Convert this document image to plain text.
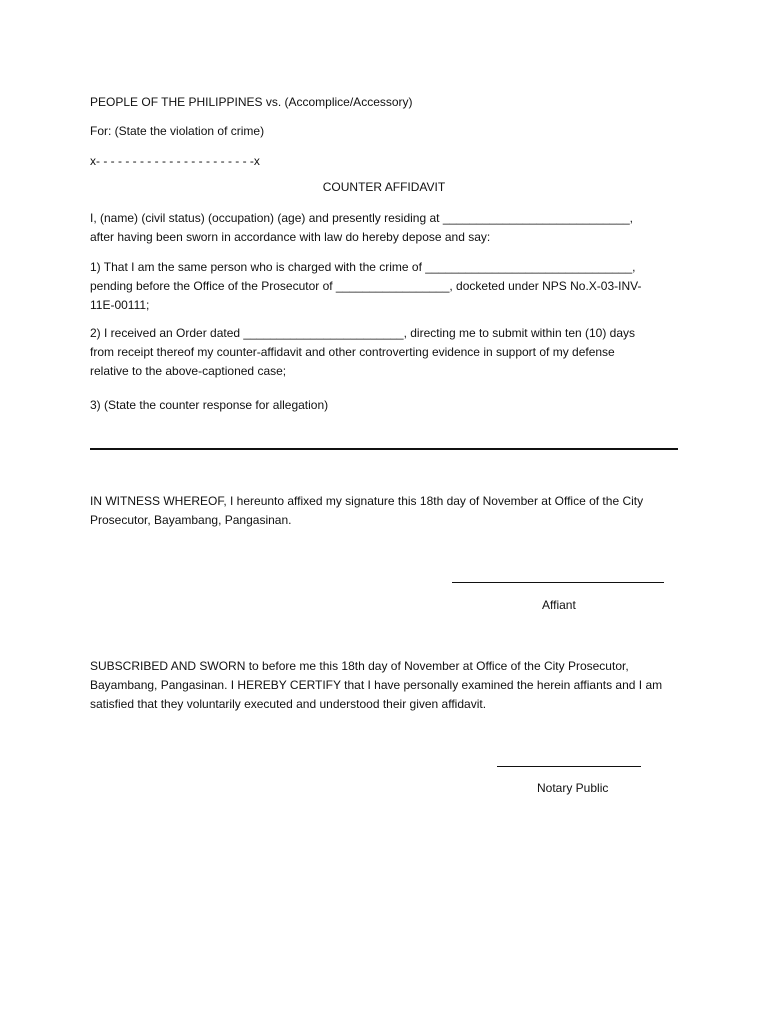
PEOPLE OF THE PHILIPPINES vs. (Accomplice/Accessory)
For: (State the violation of crime)
x- - - - - - - - - - - - - - - - - - - - - -x
COUNTER AFFIDAVIT

I, (name) (civil status) (occupation) (age) and presently residing at ____________________________,

after having been sworn in accordance with law do hereby depose and say:

1) That I am the same person who is charged with the crime of _______________________________,

pending before the Office of the Prosecutor of _________________, docketed under NPS No.X-03-INV-

11E-00111;

2) I received an Order dated ________________________, directing me to submit within ten (10) days

from receipt thereof my counter-affidavit and other controverting evidence in support of my defense

relative to the above-captioned case;

3) (State the counter response for allegation)

IN WITNESS WHEREOF, I hereunto affixed my signature this 18th day of November at Office of the City

Prosecutor, Bayambang, Pangasinan.

Affiant

SUBSCRIBED AND SWORN to before me this 18th day of November at Office of the City Prosecutor,

Bayambang, Pangasinan. I HEREBY CERTIFY that I have personally examined the herein affiants and I am

satisfied that they voluntarily executed and understood their given affidavit.

Notary Public
